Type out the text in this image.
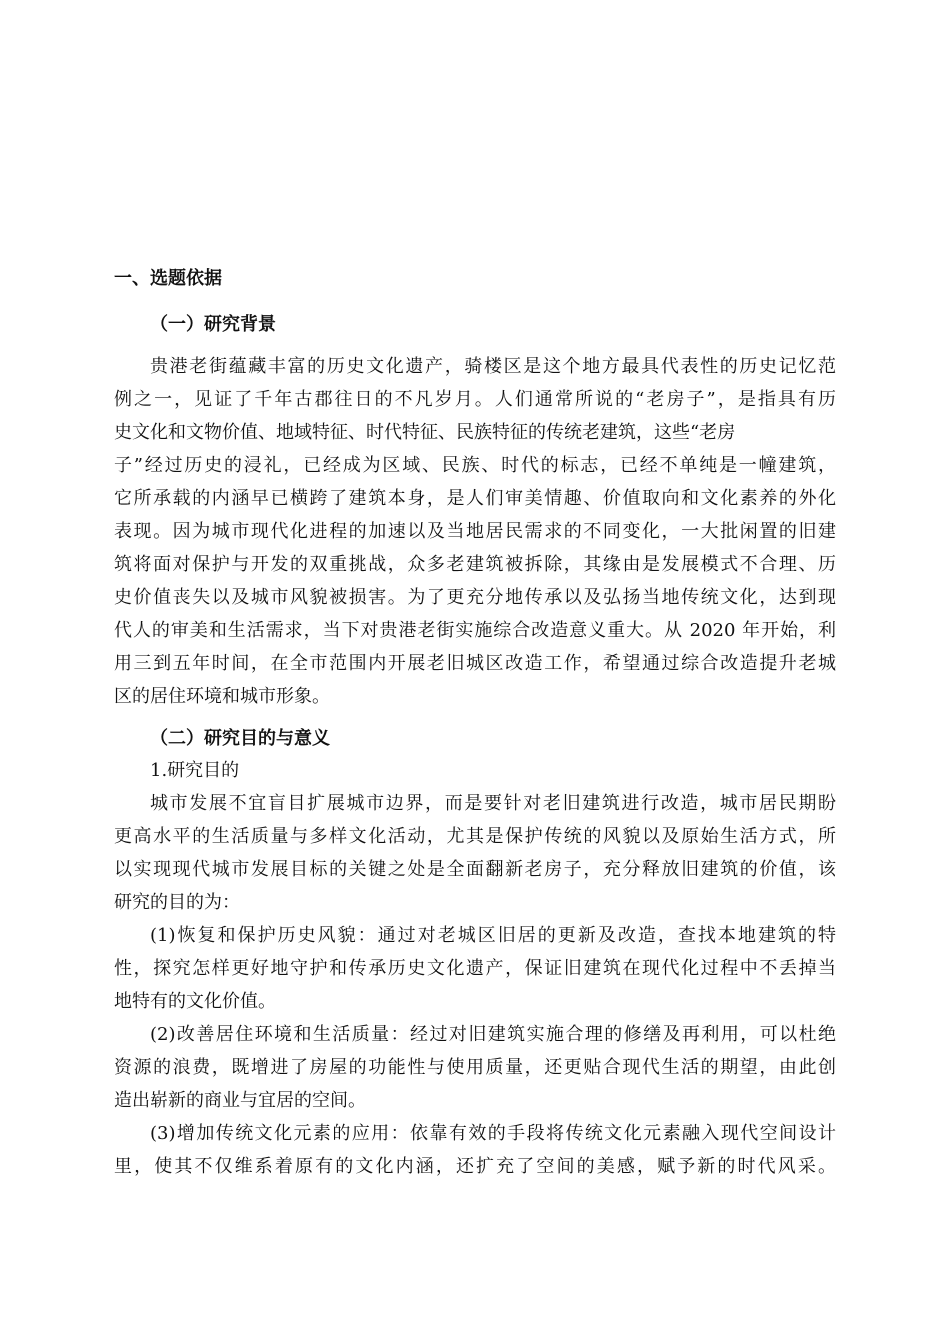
一、选题依据
（一）研究背景
贵港老街蕴藏丰富的历史文化遗产，骑楼区是这个地方最具代表性的历史记忆范
例之一，见证了千年古郡往日的不凡岁月。人们通常所说的“老房子”，是指具有历
史文化和文物价值、地域特征、时代特征、民族特征的传统老建筑，这些“老房
子”经过历史的浸礼，已经成为区域、民族、时代的标志，已经不单纯是一幢建筑，
它所承载的内涵早已横跨了建筑本身，是人们审美情趣、价值取向和文化素养的外化
表现。因为城市现代化进程的加速以及当地居民需求的不同变化，一大批闲置的旧建
筑将面对保护与开发的双重挑战，众多老建筑被拆除，其缘由是发展模式不合理、历
史价值丧失以及城市风貌被损害。为了更充分地传承以及弘扬当地传统文化，达到现
代人的审美和生活需求，当下对贵港老街实施综合改造意义重大。从 2020 年开始，利
用三到五年时间，在全市范围内开展老旧城区改造工作，希望通过综合改造提升老城
区的居住环境和城市形象。
（二）研究目的与意义
1.研究目的
城市发展不宜盲目扩展城市边界，而是要针对老旧建筑进行改造，城市居民期盼
更高水平的生活质量与多样文化活动，尤其是保护传统的风貌以及原始生活方式，所
以实现现代城市发展目标的关键之处是全面翻新老房子，充分释放旧建筑的价值，该
研究的目的为：
(1)恢复和保护历史风貌：通过对老城区旧居的更新及改造，查找本地建筑的特
性，探究怎样更好地守护和传承历史文化遗产，保证旧建筑在现代化过程中不丢掉当
地特有的文化价值。
(2)改善居住环境和生活质量：经过对旧建筑实施合理的修缮及再利用，可以杜绝
资源的浪费，既增进了房屋的功能性与使用质量，还更贴合现代生活的期望，由此创
造出崭新的商业与宜居的空间。
(3)增加传统文化元素的应用：依靠有效的手段将传统文化元素融入现代空间设计
里，使其不仅维系着原有的文化内涵，还扩充了空间的美感，赋予新的时代风采。
